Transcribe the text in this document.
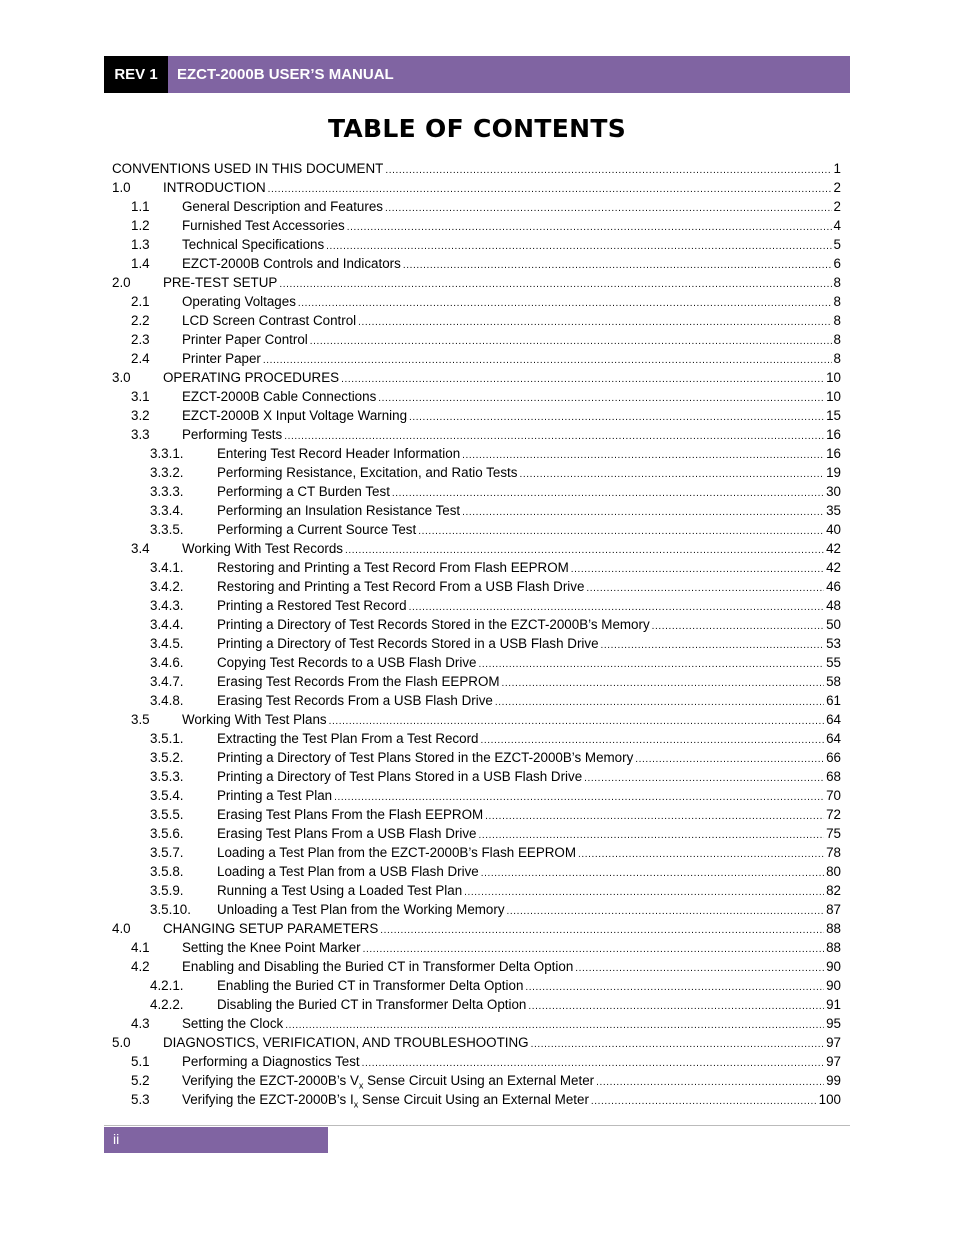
REV 1	EZCT-2000B USER’S MANUAL
TABLE OF CONTENTS
CONVENTIONS USED IN THIS DOCUMENT .....	1
1.0	INTRODUCTION .....	2
1.1	General Description and Features .....	2
1.2	Furnished Test Accessories .....	4
1.3	Technical Specifications .....	5
1.4	EZCT-2000B Controls and Indicators .....	6
2.0	PRE-TEST SETUP .....	8
2.1	Operating Voltages .....	8
2.2	LCD Screen Contrast Control .....	8
2.3	Printer Paper Control .....	8
2.4	Printer Paper .....	8
3.0	OPERATING PROCEDURES .....	10
3.1	EZCT-2000B Cable Connections .....	10
3.2	EZCT-2000B X Input Voltage Warning .....	15
3.3	Performing Tests .....	16
3.3.1.	Entering Test Record Header Information .....	16
3.3.2.	Performing Resistance, Excitation, and Ratio Tests .....	19
3.3.3.	Performing a CT Burden Test .....	30
3.3.4.	Performing an Insulation Resistance Test .....	35
3.3.5.	Performing a Current Source Test .....	40
3.4	Working With Test Records .....	42
3.4.1.	Restoring and Printing a Test Record From Flash EEPROM .....	42
3.4.2.	Restoring and Printing a Test Record From a USB Flash Drive .....	46
3.4.3.	Printing a Restored Test Record .....	48
3.4.4.	Printing a Directory of Test Records Stored in the EZCT-2000B’s Memory .....	50
3.4.5.	Printing a Directory of Test Records Stored in a USB Flash Drive .....	53
3.4.6.	Copying Test Records to a USB Flash Drive .....	55
3.4.7.	Erasing Test Records From the Flash EEPROM .....	58
3.4.8.	Erasing Test Records From a USB Flash Drive .....	61
3.5	Working With Test Plans .....	64
3.5.1.	Extracting the Test Plan From a Test Record .....	64
3.5.2.	Printing a Directory of Test Plans Stored in the EZCT-2000B’s Memory .....	66
3.5.3.	Printing a Directory of Test Plans Stored in a USB Flash Drive .....	68
3.5.4.	Printing a Test Plan .....	70
3.5.5.	Erasing Test Plans From the Flash EEPROM .....	72
3.5.6.	Erasing Test Plans From a USB Flash Drive .....	75
3.5.7.	Loading a Test Plan from the EZCT-2000B’s Flash EEPROM .....	78
3.5.8.	Loading a Test Plan from a USB Flash Drive .....	80
3.5.9.	Running a Test Using a Loaded Test Plan .....	82
3.5.10.	Unloading a Test Plan from the Working Memory .....	87
4.0	CHANGING SETUP PARAMETERS .....	88
4.1	Setting the Knee Point Marker .....	88
4.2	Enabling and Disabling the Buried CT in Transformer Delta Option .....	90
4.2.1.	Enabling the Buried CT in Transformer Delta Option .....	90
4.2.2.	Disabling the Buried CT in Transformer Delta Option .....	91
4.3	Setting the Clock .....	95
5.0	DIAGNOSTICS, VERIFICATION, AND TROUBLESHOOTING .....	97
5.1	Performing a Diagnostics Test .....	97
5.2	Verifying the EZCT-2000B’s $V_x$ Sense Circuit Using an External Meter .....	99
5.3	Verifying the EZCT-2000B’s $I_x$ Sense Circuit Using an External Meter .....	100
ii
